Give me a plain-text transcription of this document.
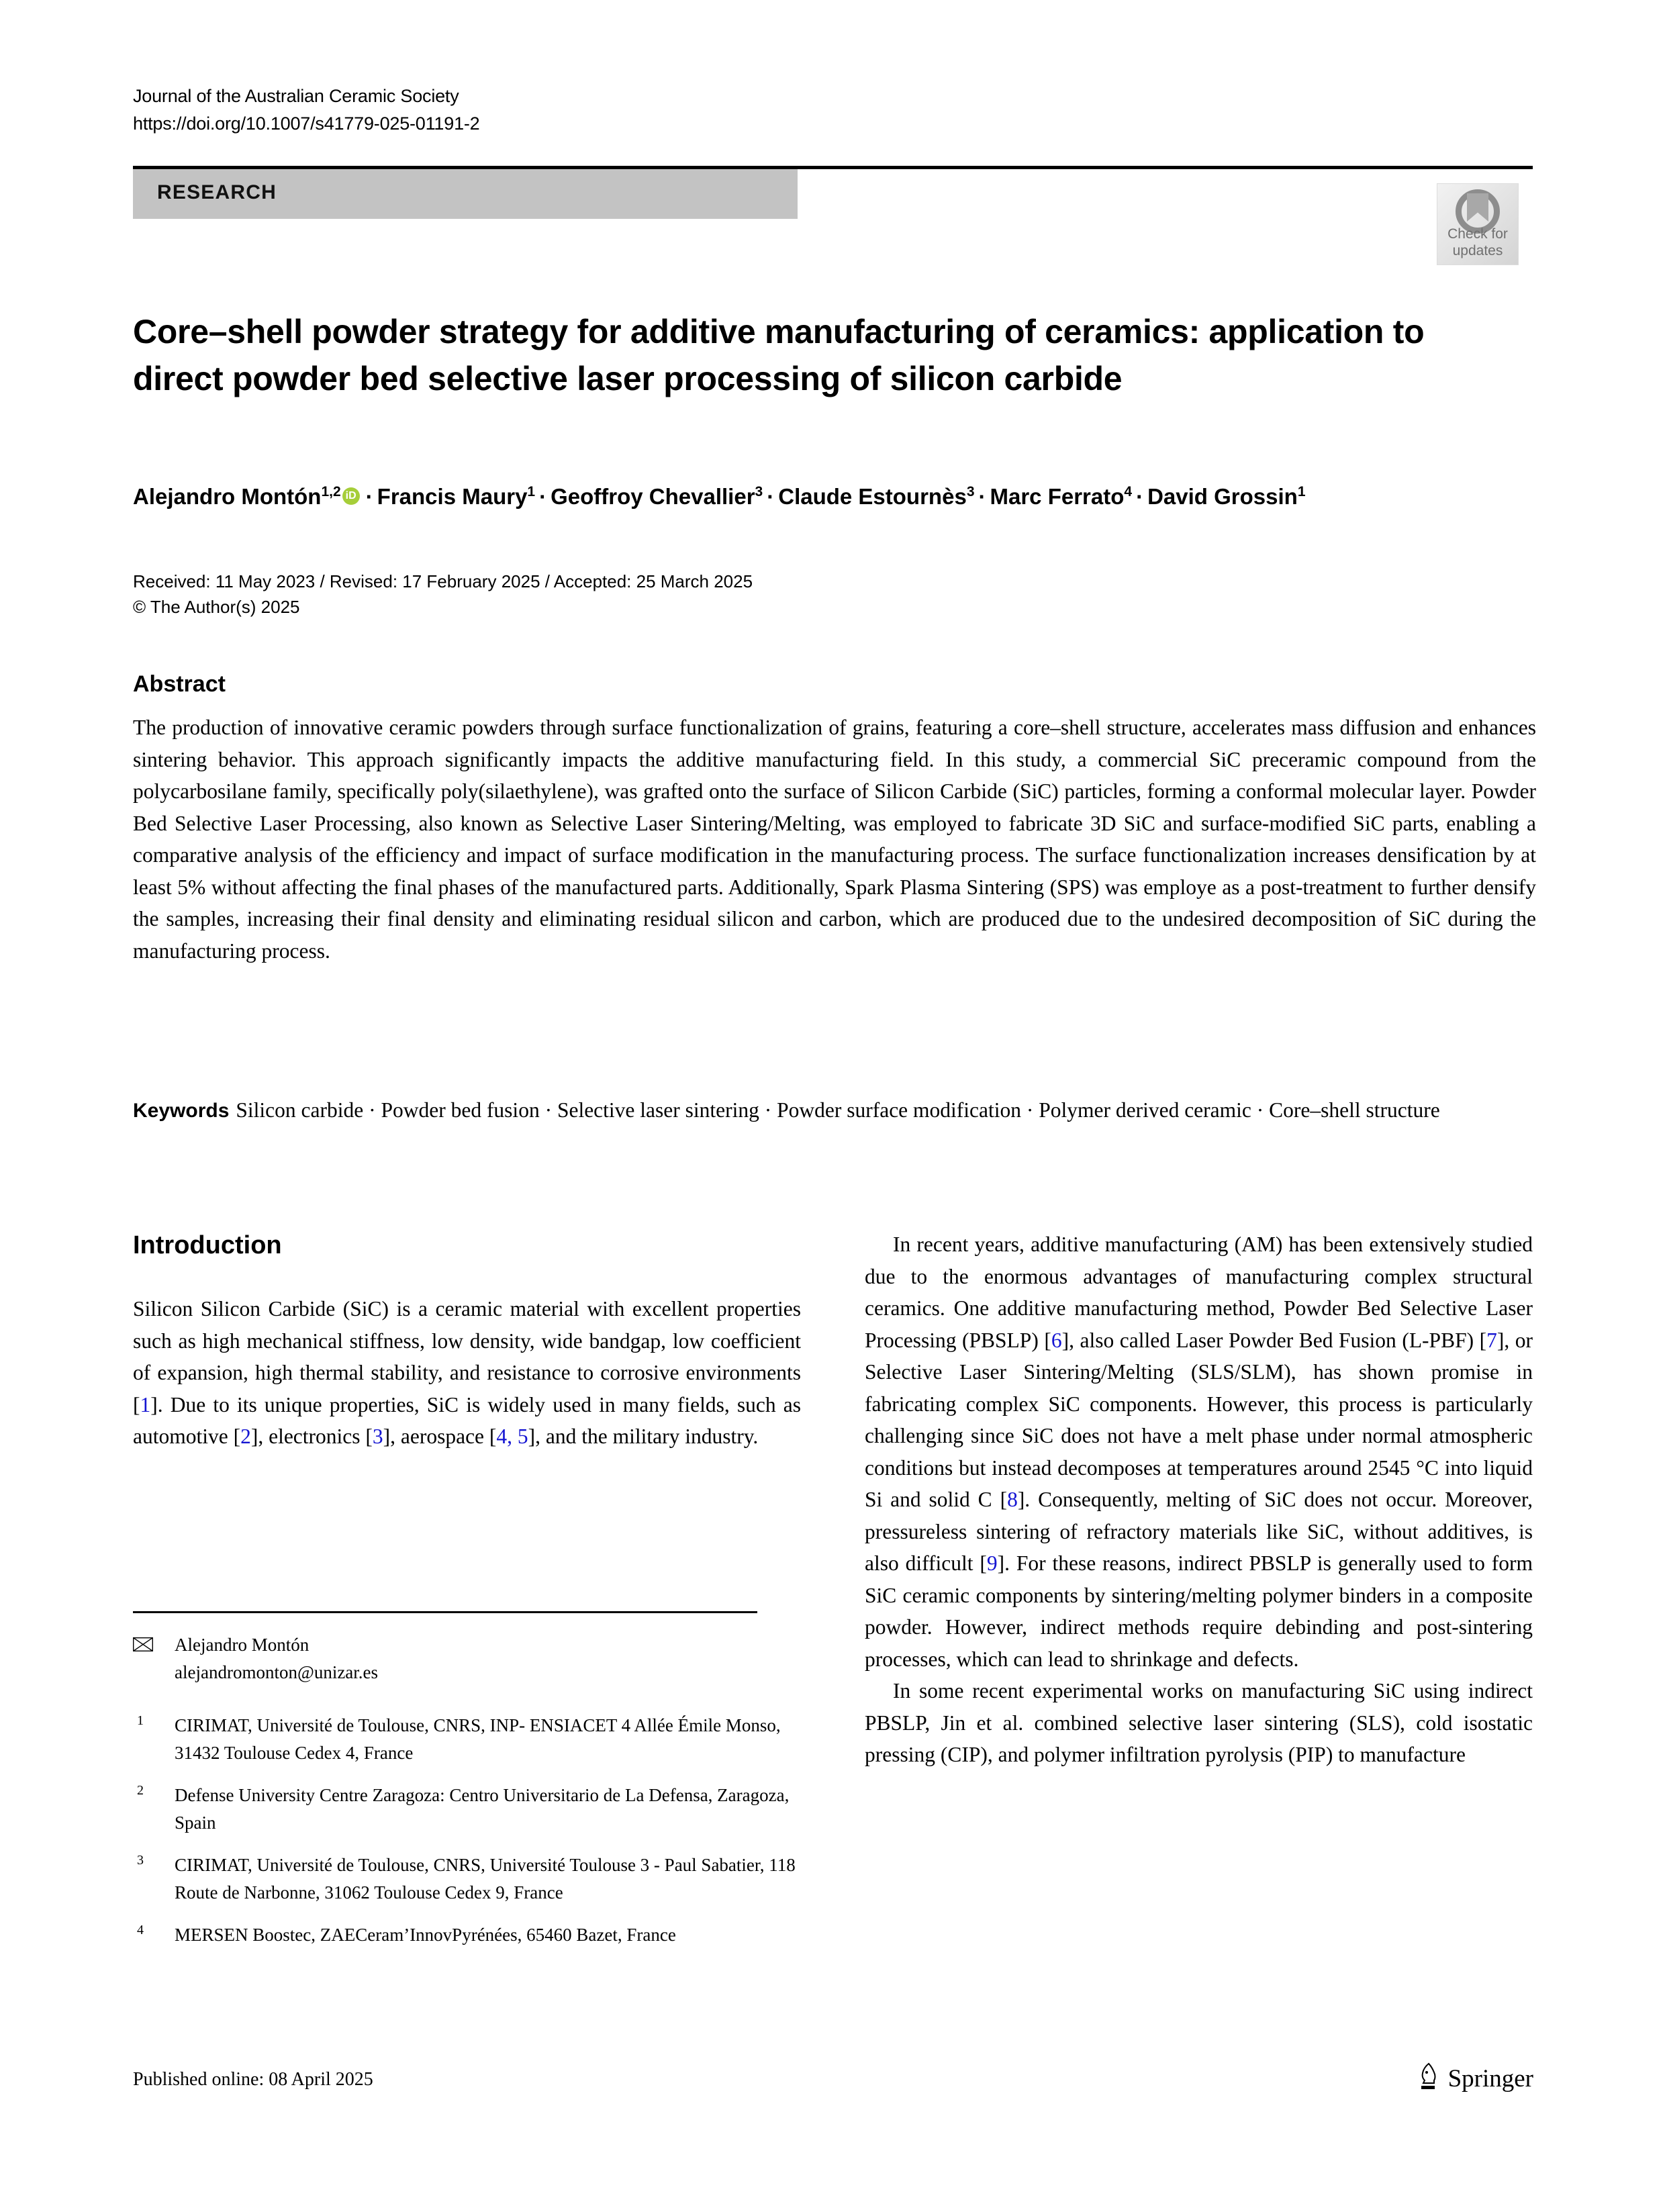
Journal of the Australian Ceramic Society
https://doi.org/10.1007/s41779-025-01191-2
RESEARCH
Check for
updates
Core–shell powder strategy for additive manufacturing of ceramics: application to direct powder bed selective laser processing of silicon carbide
Alejandro Montón$^{1,2}$ iD · Francis Maury$^1$ · Geoffroy Chevallier$^3$ · Claude Estournès$^3$ · Marc Ferrato$^4$ · David Grossin$^1$
Received: 11 May 2023 / Revised: 17 February 2025 / Accepted: 25 March 2025
© The Author(s) 2025
Abstract
The production of innovative ceramic powders through surface functionalization of grains, featuring a core–shell structure, accelerates mass diffusion and enhances sintering behavior. This approach significantly impacts the additive manufacturing field. In this study, a commercial SiC preceramic compound from the polycarbosilane family, specifically poly(silaethylene), was grafted onto the surface of Silicon Carbide (SiC) particles, forming a conformal molecular layer. Powder Bed Selective Laser Processing, also known as Selective Laser Sintering/Melting, was employed to fabricate 3D SiC and surface-modified SiC parts, enabling a comparative analysis of the efficiency and impact of surface modification in the manufacturing process. The surface functionalization increases densification by at least 5% without affecting the final phases of the manufactured parts. Additionally, Spark Plasma Sintering (SPS) was employe as a post-treatment to further densify the samples, increasing their final density and eliminating residual silicon and carbon, which are produced due to the undesired decomposition of SiC during the manufacturing process.
Keywords Silicon carbide · Powder bed fusion · Selective laser sintering · Powder surface modification · Polymer derived ceramic · Core–shell structure
Introduction

Silicon Silicon Carbide (SiC) is a ceramic material with excellent properties such as high mechanical stiffness, low density, wide bandgap, low coefficient of expansion, high thermal stability, and resistance to corrosive environments [1]. Due to its unique properties, SiC is widely used in many fields, such as automotive [2], electronics [3], aerospace [4, 5], and the military industry.

In recent years, additive manufacturing (AM) has been extensively studied due to the enormous advantages of manufacturing complex structural ceramics. One additive manufacturing method, Powder Bed Selective Laser Processing (PBSLP) [6], also called Laser Powder Bed Fusion (L-PBF) [7], or Selective Laser Sintering/Melting (SLS/SLM), has shown promise in fabricating complex SiC components. However, this process is particularly challenging since SiC does not have a melt phase under normal atmospheric conditions but instead decomposes at temperatures around 2545 °C into liquid Si and solid C [8]. Consequently, melting of SiC does not occur. Moreover, pressureless sintering of refractory materials like SiC, without additives, is also difficult [9]. For these reasons, indirect PBSLP is generally used to form SiC ceramic components by sintering/melting polymer binders in a composite powder. However, indirect methods require debinding and post-sintering processes, which can lead to shrinkage and defects.

In some recent experimental works on manufacturing SiC using indirect PBSLP, Jin et al. combined selective laser sintering (SLS), cold isostatic pressing (CIP), and polymer infiltration pyrolysis (PIP) to manufacture

Alejandro Montón
alejandromonton@unizar.es
1 CIRIMAT, Université de Toulouse, CNRS, INP- ENSIACET 4 Allée Émile Monso, 31432 Toulouse Cedex 4, France
2 Defense University Centre Zaragoza: Centro Universitario de La Defensa, Zaragoza, Spain
3 CIRIMAT, Université de Toulouse, CNRS, Université Toulouse 3 - Paul Sabatier, 118 Route de Narbonne, 31062 Toulouse Cedex 9, France
4 MERSEN Boostec, ZAECeram’InnovPyrénées, 65460 Bazet, France
Published online: 08 April 2025	Springer
